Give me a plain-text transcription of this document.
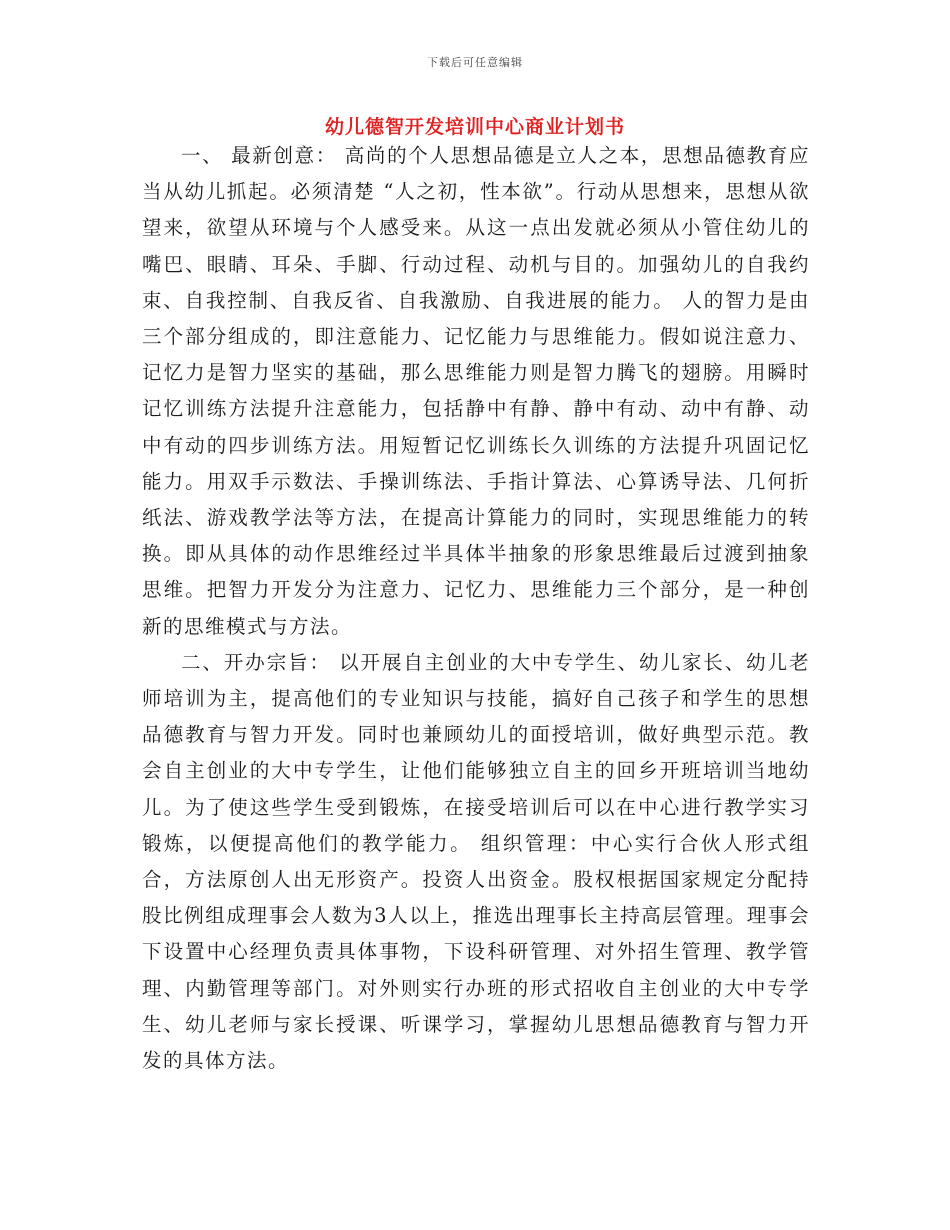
下载后可任意编辑
幼儿德智开发培训中心商业计划书

一、 最新创意： 高尚的个人思想品德是立人之本，思想品德教育应当从幼儿抓起。必须清楚 “人之初，性本欲”。行动从思想来，思想从欲望来，欲望从环境与个人感受来。从这一点出发就必须从小管住幼儿的嘴巴、眼睛、耳朵、手脚、行动过程、动机与目的。加强幼儿的自我约束、自我控制、自我反省、自我激励、自我进展的能力。 人的智力是由三个部分组成的，即注意能力、记忆能力与思维能力。假如说注意力、记忆力是智力坚实的基础，那么思维能力则是智力腾飞的翅膀。用瞬时记忆训练方法提升注意能力，包括静中有静、静中有动、动中有静、动中有动的四步训练方法。用短暂记忆训练长久训练的方法提升巩固记忆能力。用双手示数法、手操训练法、手指计算法、心算诱导法、几何折纸法、游戏教学法等方法，在提高计算能力的同时，实现思维能力的转换。即从具体的动作思维经过半具体半抽象的形象思维最后过渡到抽象思维。把智力开发分为注意力、记忆力、思维能力三个部分，是一种创新的思维模式与方法。

二、开办宗旨： 以开展自主创业的大中专学生、幼儿家长、幼儿老师培训为主，提高他们的专业知识与技能，搞好自己孩子和学生的思想品德教育与智力开发。同时也兼顾幼儿的面授培训，做好典型示范。教会自主创业的大中专学生，让他们能够独立自主的回乡开班培训当地幼儿。为了使这些学生受到锻炼，在接受培训后可以在中心进行教学实习锻炼，以便提高他们的教学能力。 组织管理：中心实行合伙人形式组合，方法原创人出无形资产。投资人出资金。股权根据国家规定分配持股比例组成理事会人数为3人以上，推选出理事长主持高层管理。理事会下设置中心经理负责具体事物，下设科研管理、对外招生管理、教学管理、内勤管理等部门。对外则实行办班的形式招收自主创业的大中专学生、幼儿老师与家长授课、听课学习，掌握幼儿思想品德教育与智力开发的具体方法。
